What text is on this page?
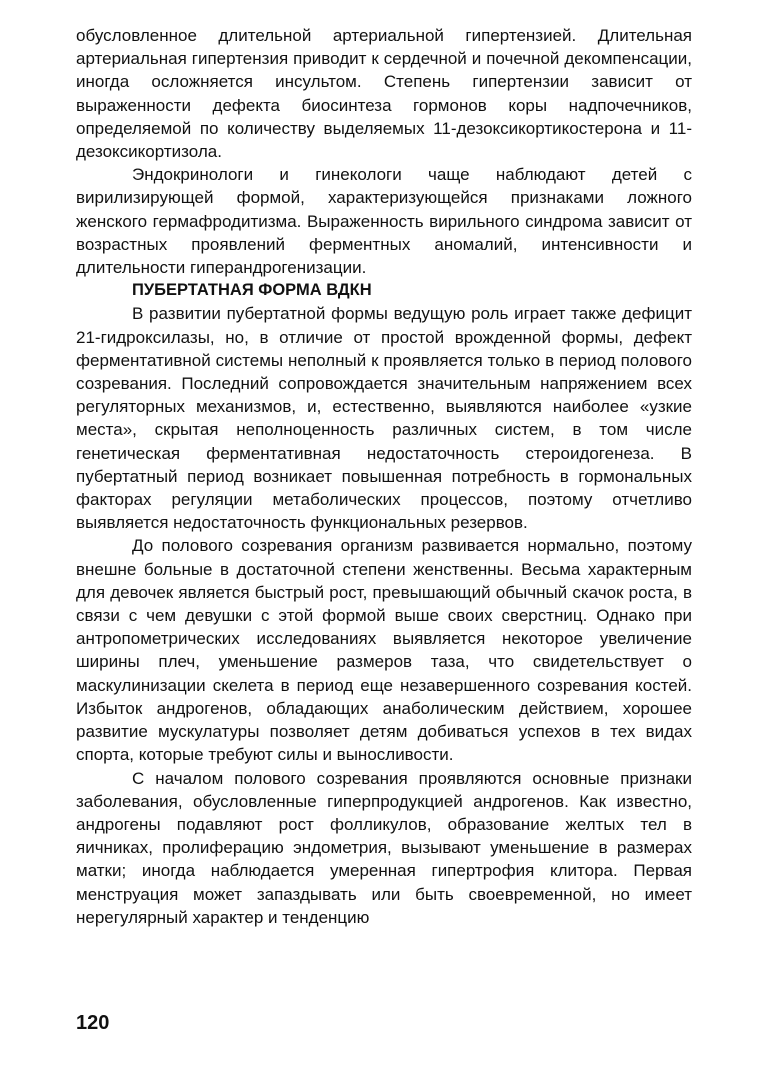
обусловленное длительной артериальной гипертензией. Длительная артериальная гипертензия приводит к сердечной и почечной декомпенсации, иногда осложняется инсультом. Степень гипертензии зависит от выраженности дефекта биосинтеза гормонов коры надпочечников, определяемой по количеству выделяемых 11-дезоксикортикостерона и 11-дезоксикортизола.

Эндокринологи и гинекологи чаще наблюдают детей с вирилизирующей формой, характеризующейся признаками ложного женского гермафродитизма. Выраженность вирильного синдрома зависит от возрастных проявлений ферментных аномалий, интенсивности и длительности гиперандрогенизации.

ПУБЕРТАТНАЯ ФОРМА ВДКН

В развитии пубертатной формы ведущую роль играет также дефицит 21-гидроксилазы, но, в отличие от простой врожденной формы, дефект ферментативной системы неполный к проявляется только в период полового созревания. Последний сопровождается значительным напряжением всех регуляторных механизмов, и, естественно, выявляются наиболее «узкие места», скрытая неполноценность различных систем, в том числе генетическая ферментативная недостаточность стероидогенеза. В пубертатный период возникает повышенная потребность в гормональных факторах регуляции метаболических процессов, поэтому отчетливо выявляется недостаточность функциональных резервов.

До полового созревания организм развивается нормально, поэтому внешне больные в достаточной степени женственны. Весьма характерным для девочек является быстрый рост, превышающий обычный скачок роста, в связи с чем девушки с этой формой выше своих сверстниц. Однако при антропометрических исследованиях выявляется некоторое увеличение ширины плеч, уменьшение размеров таза, что свидетельствует о маскулинизации скелета в период еще незавершенного созревания костей. Избыток андрогенов, обладающих анаболическим действием, хорошее развитие мускулатуры позволяет детям добиваться успехов в тех видах спорта, которые требуют силы и выносливости.

С началом полового созревания проявляются основные признаки заболевания, обусловленные гиперпродукцией андрогенов. Как известно, андрогены подавляют рост фолликулов, образование желтых тел в яичниках, пролиферацию эндометрия, вызывают уменьшение в размерах матки; иногда наблюдается умеренная гипертрофия клитора. Первая менструация может запаздывать или быть своевременной, но имеет нерегулярный характер и тенденцию

120
